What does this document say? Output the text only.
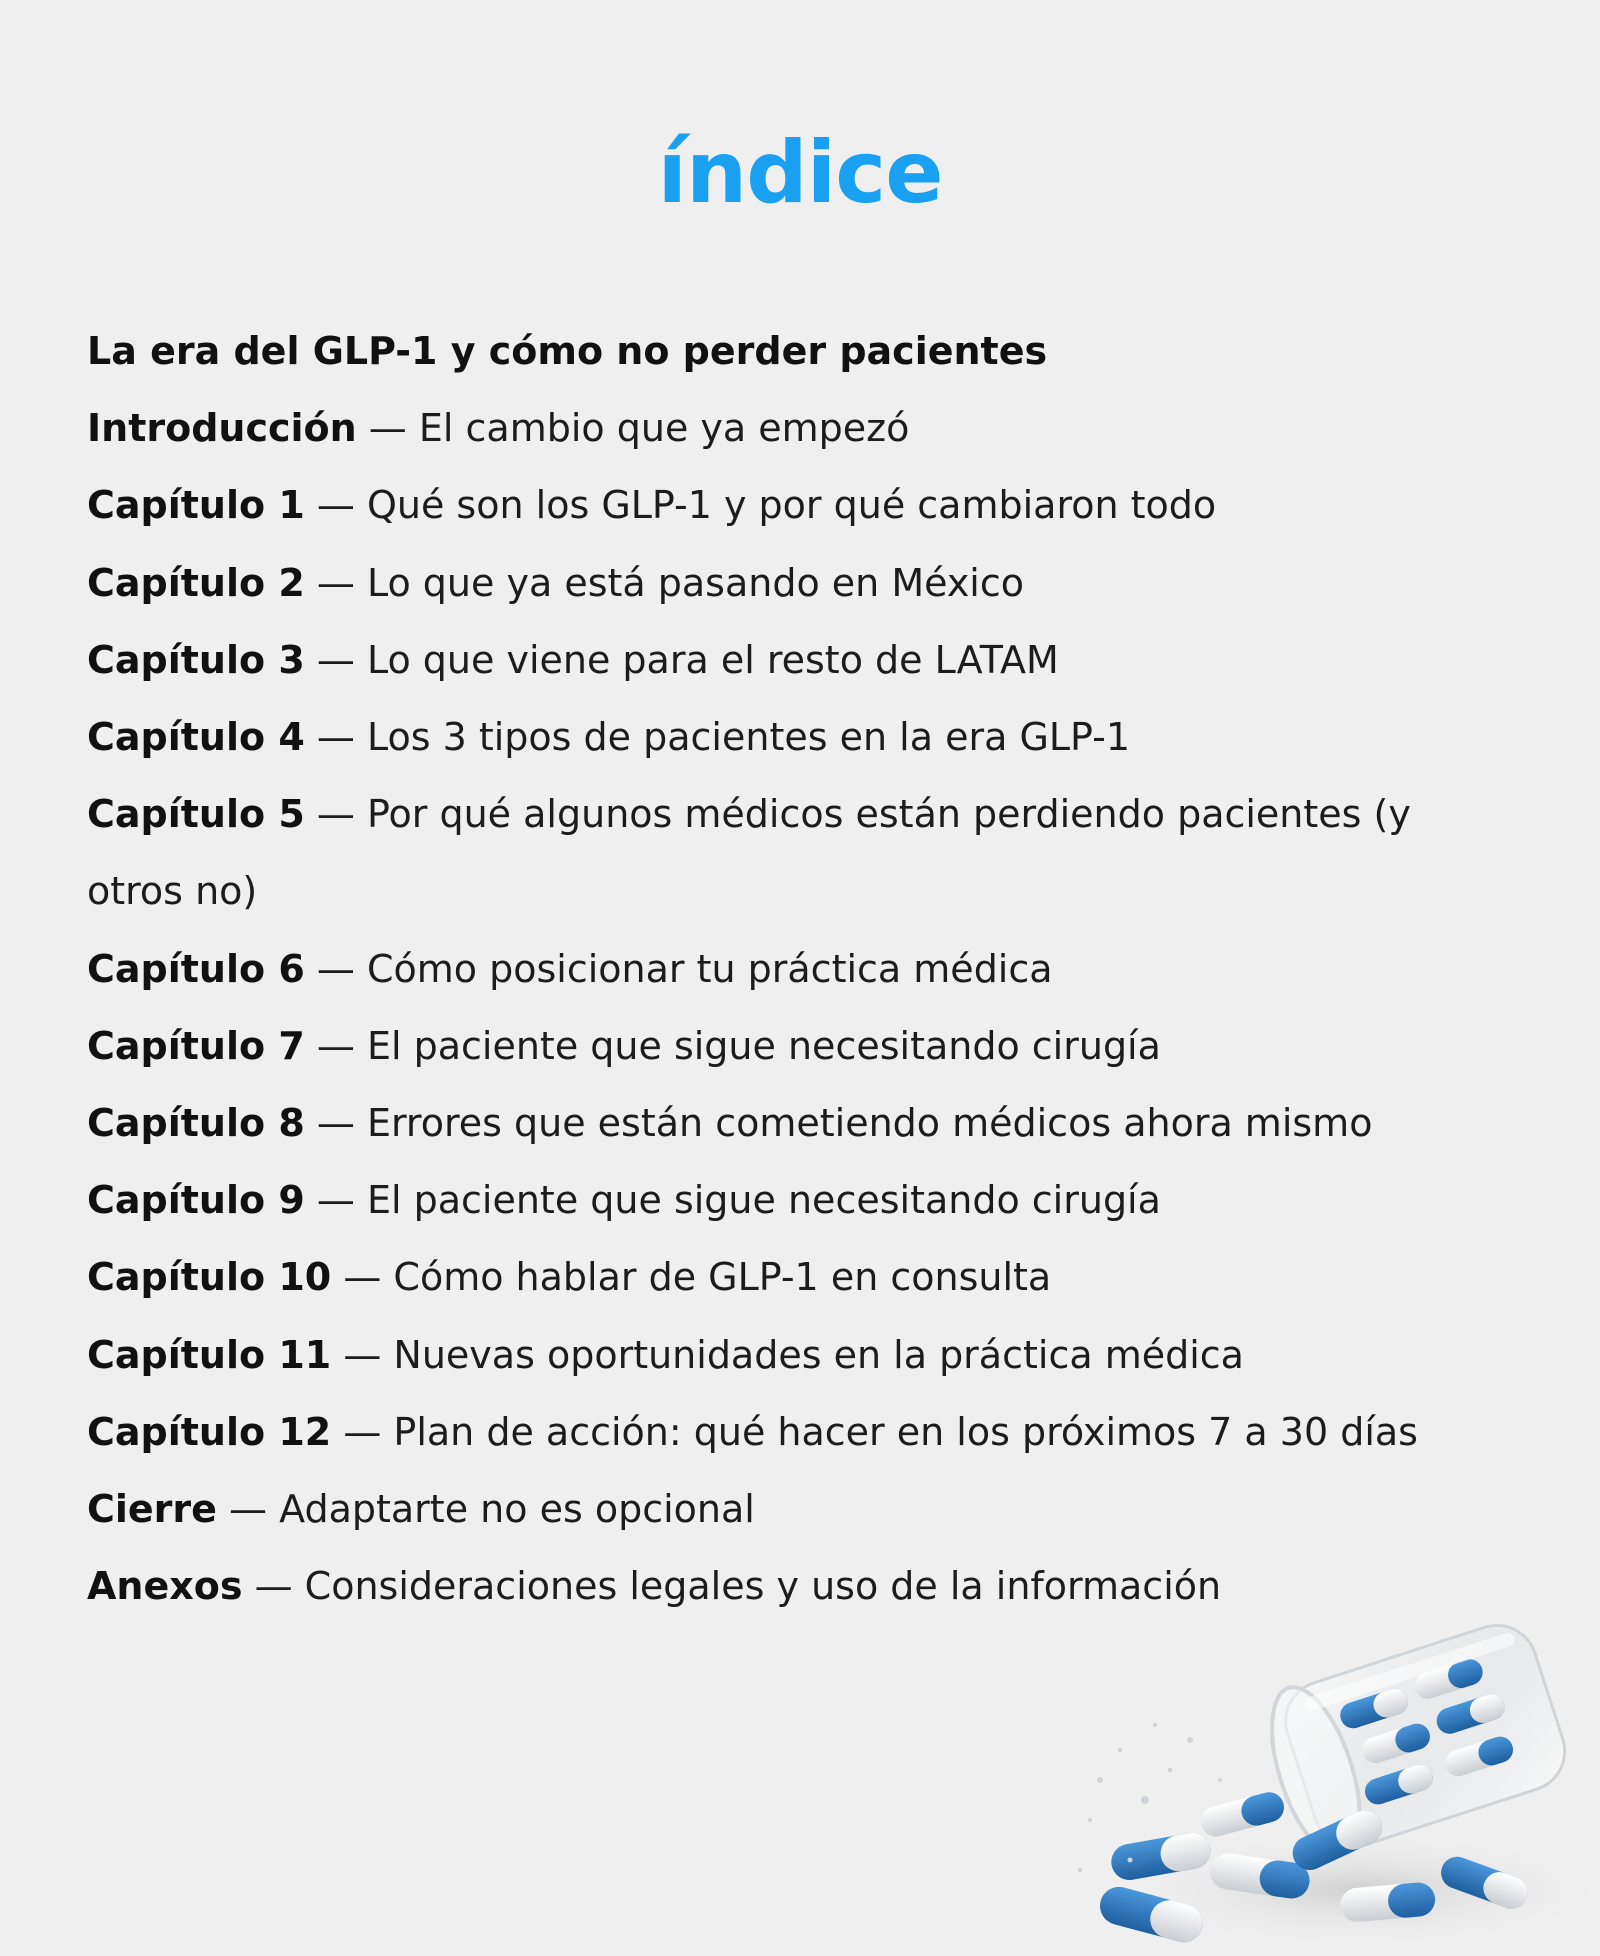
índice
La era del GLP-1 y cómo no perder pacientes
Introducción — El cambio que ya empezó
Capítulo 1 — Qué son los GLP-1 y por qué cambiaron todo
Capítulo 2 — Lo que ya está pasando en México
Capítulo 3 — Lo que viene para el resto de LATAM
Capítulo 4 — Los 3 tipos de pacientes en la era GLP-1
Capítulo 5 — Por qué algunos médicos están perdiendo pacientes (y otros no)
Capítulo 6 — Cómo posicionar tu práctica médica
Capítulo 7 — El paciente que sigue necesitando cirugía
Capítulo 8 — Errores que están cometiendo médicos ahora mismo
Capítulo 9 — El paciente que sigue necesitando cirugía
Capítulo 10 — Cómo hablar de GLP-1 en consulta
Capítulo 11 — Nuevas oportunidades en la práctica médica
Capítulo 12 — Plan de acción: qué hacer en los próximos 7 a 30 días
Cierre — Adaptarte no es opcional
Anexos — Consideraciones legales y uso de la información
